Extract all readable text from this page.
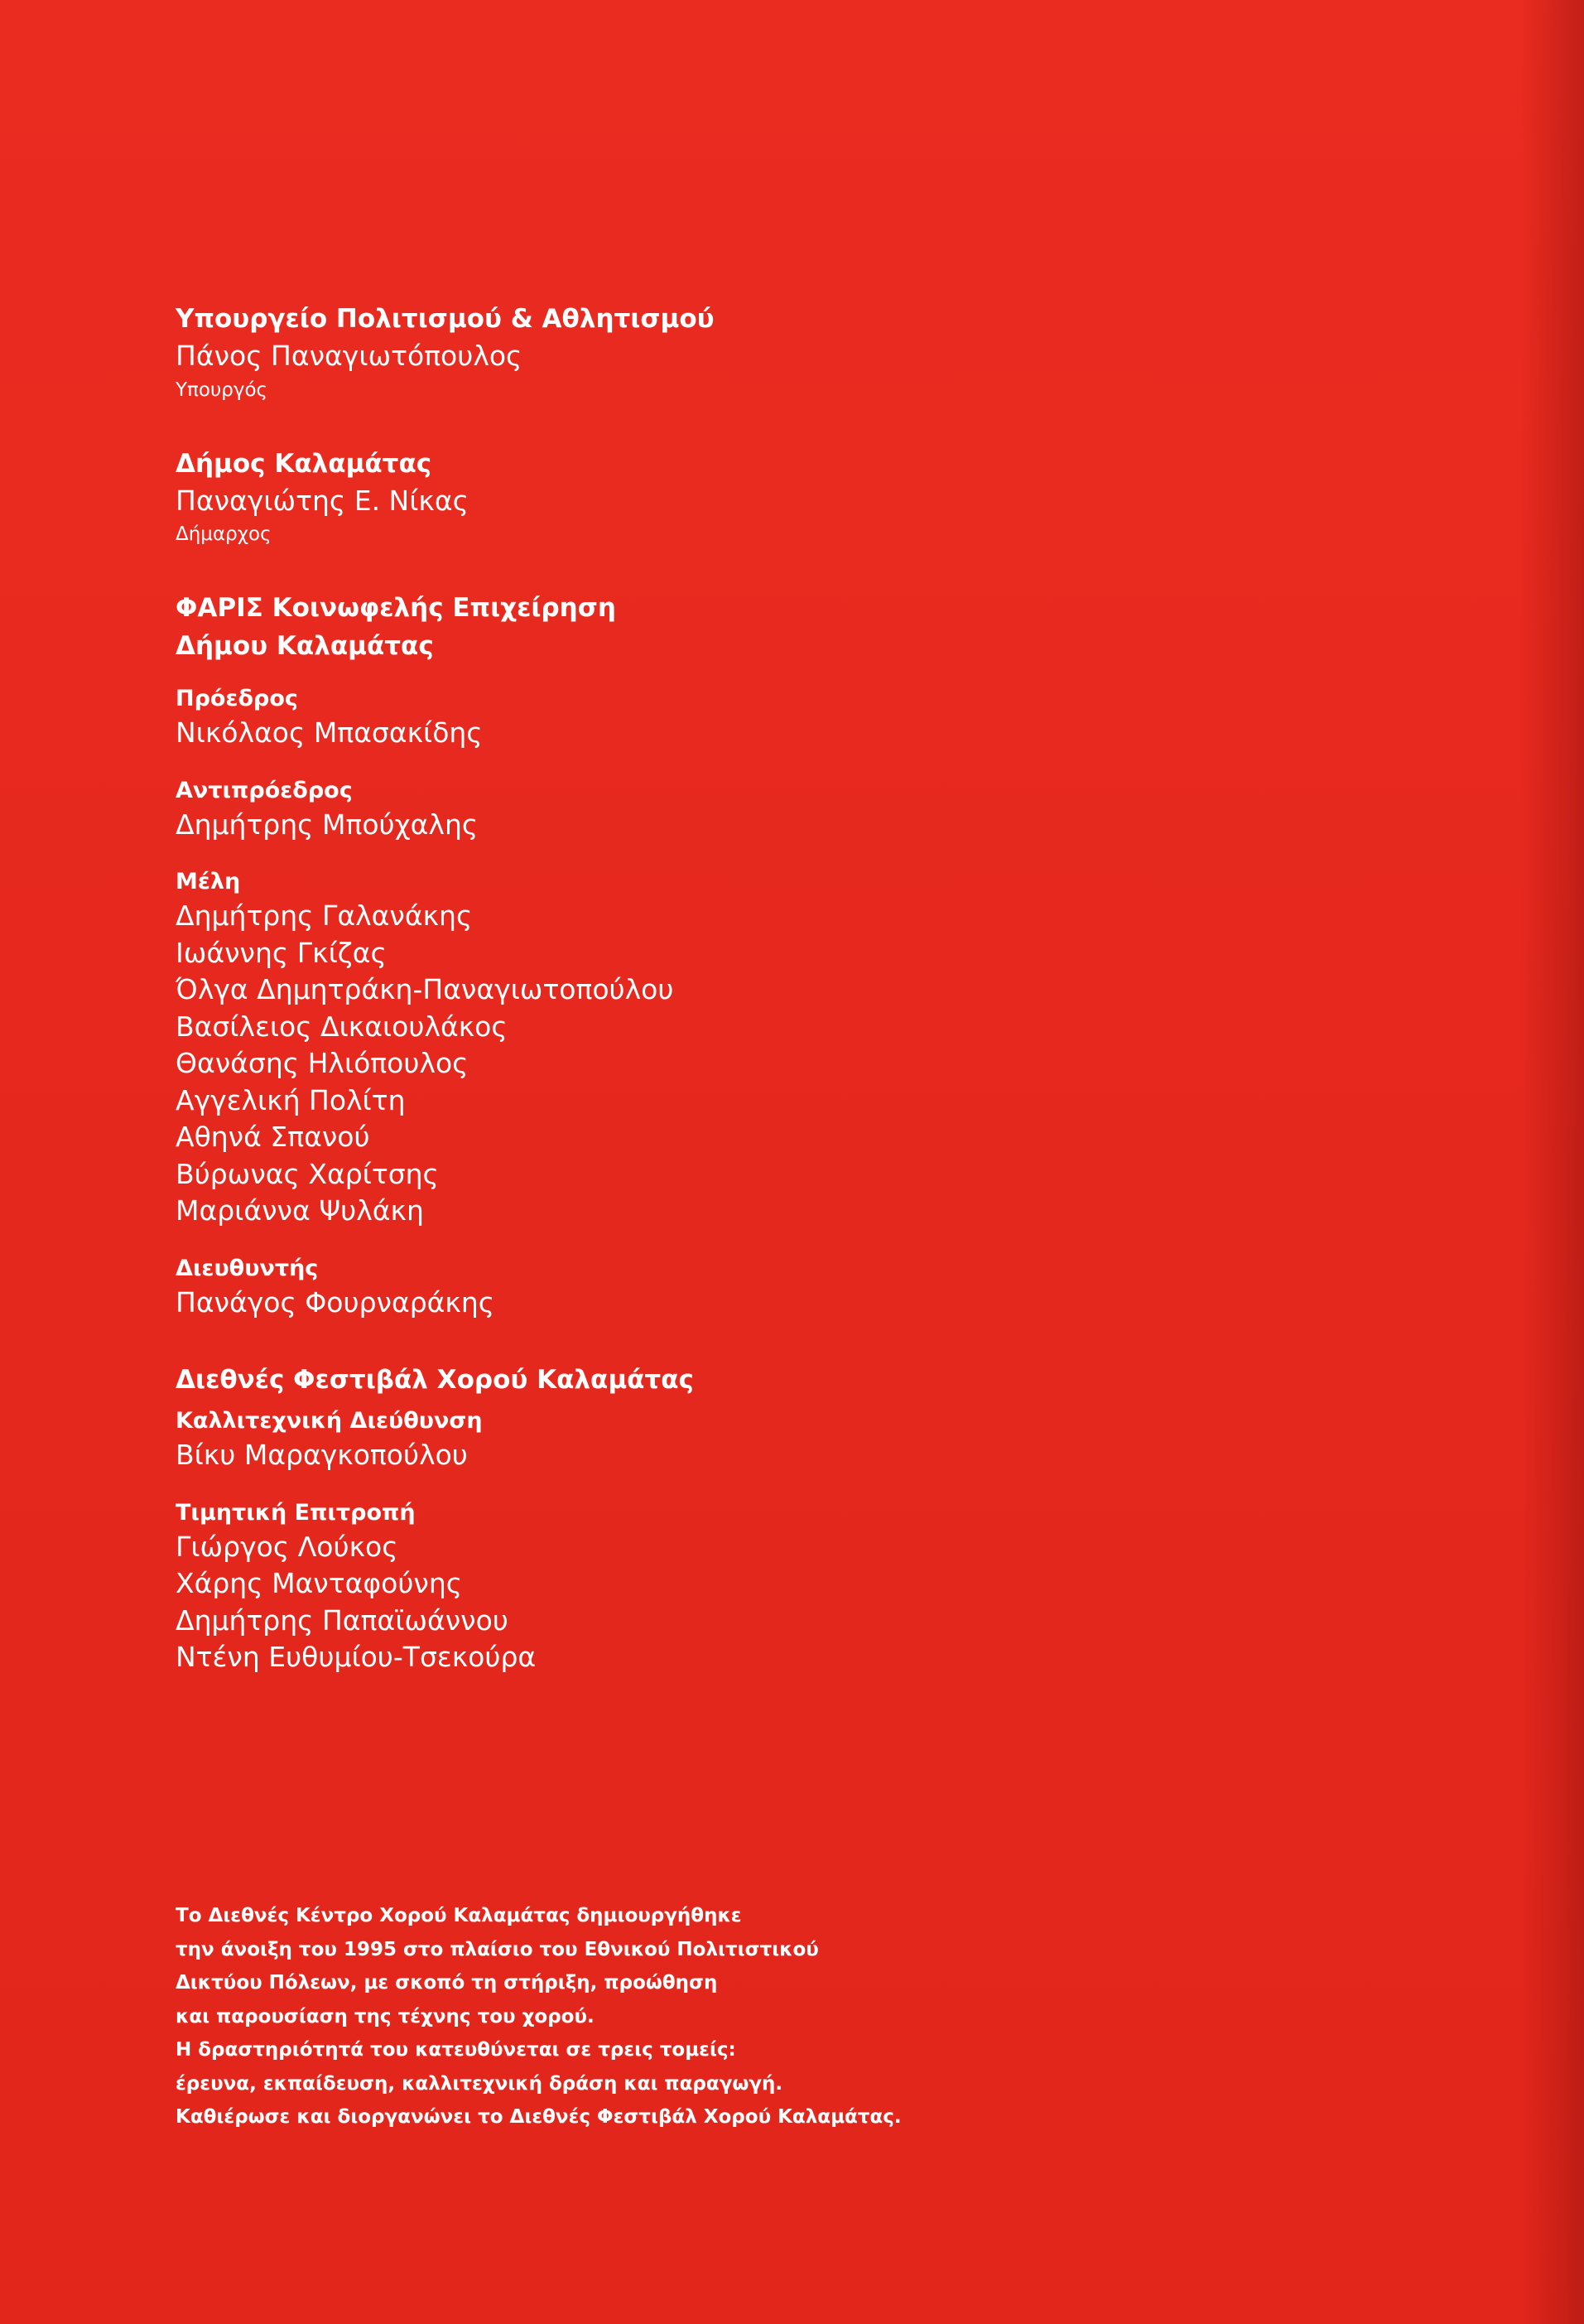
Υπουργείο Πολιτισμού & Αθλητισμού
Πάνος Παναγιωτόπουλος
Υπουργός
Δήμος Καλαμάτας
Παναγιώτης Ε. Νίκας
Δήμαρχος
ΦΑΡΙΣ Κοινωφελής Επιχείρηση
Δήμου Καλαμάτας
Πρόεδρος
Νικόλαος Μπασακίδης
Αντιπρόεδρος
Δημήτρης Μπούχαλης
Μέλη
Δημήτρης Γαλανάκης
Ιωάννης Γκίζας
Όλγα Δημητράκη-Παναγιωτοπούλου
Βασίλειος Δικαιουλάκος
Θανάσης Ηλιόπουλος
Αγγελική Πολίτη
Αθηνά Σπανού
Βύρωνας Χαρίτσης
Μαριάννα Ψυλάκη
Διευθυντής
Πανάγος Φουρναράκης
Διεθνές Φεστιβάλ Χορού Καλαμάτας
Καλλιτεχνική Διεύθυνση
Βίκυ Μαραγκοπούλου
Τιμητική Επιτροπή
Γιώργος Λούκος
Χάρης Μανταφούνης
Δημήτρης Παπαϊωάννου
Ντένη Ευθυμίου-Τσεκούρα
Το Διεθνές Κέντρο Χορού Καλαμάτας δημιουργήθηκε
την άνοιξη του 1995 στο πλαίσιο του Εθνικού Πολιτιστικού
Δικτύου Πόλεων, με σκοπό τη στήριξη, προώθηση
και παρουσίαση της τέχνης του χορού.
Η δραστηριότητά του κατευθύνεται σε τρεις τομείς:
έρευνα, εκπαίδευση, καλλιτεχνική δράση και παραγωγή.
Καθιέρωσε και διοργανώνει το Διεθνές Φεστιβάλ Χορού Καλαμάτας.
